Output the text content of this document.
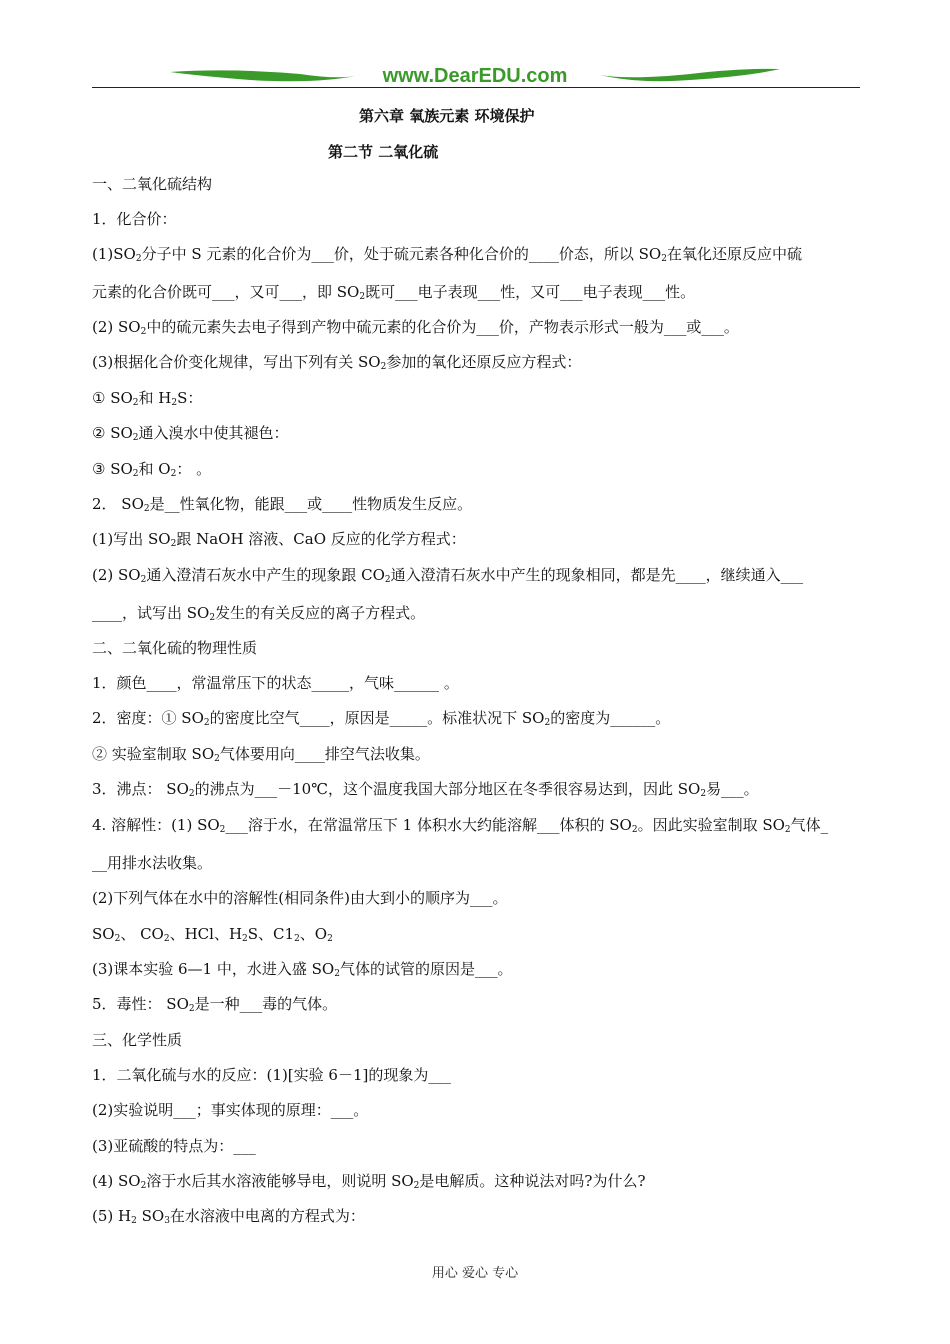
www.DearEDU.com
第六章 氧族元素 环境保护
第二节 二氧化硫
一、二氧化硫结构
1．化合价：
$(1)SO_2$分子中 S 元素的化合价为___价，处于硫元素各种化合价的____价态，所以 $SO_2$在氧化还原反应中硫
元素的化合价既可___，又可___，即 $SO_2$既可___电子表现___性，又可___电子表现___性。
(2) $SO_2$中的硫元素失去电子得到产物中硫元素的化合价为___价，产物表示形式一般为___或___。
(3)根据化合价变化规律，写出下列有关 $SO_2$参加的氧化还原反应方程式：
① $SO_2$和 $H_2S$：
② $SO_2$通入溴水中使其褪色：
③ $SO_2$和 $O_2$： 。
2． $SO_2$是__性氧化物，能跟___或____性物质发生反应。
(1)写出 $SO_2$跟 NaOH 溶液、CaO 反应的化学方程式：
(2) $SO_2$通入澄清石灰水中产生的现象跟 $CO_2$通入澄清石灰水中产生的现象相同，都是先____，继续通入___
____，试写出 $SO_2$发生的有关反应的离子方程式。
二、二氧化硫的物理性质
1．颜色____，常温常压下的状态_____，气味______ 。
2．密度：① $SO_2$的密度比空气____，原因是_____。标准状况下 $SO_2$的密度为______。
② 实验室制取 $SO_2$气体要用向____排空气法收集。
3．沸点： $SO_2$的沸点为___－10℃，这个温度我国大部分地区在冬季很容易达到，因此 $SO_2$易___。
4. 溶解性：(1) $SO_2\_\_\_$溶于水，在常温常压下 1 体积水大约能溶解___体积的 $SO_2$。因此实验室制取 $SO_2$气体_
__用排水法收集。
(2)下列气体在水中的溶解性(相同条件)由大到小的顺序为___。
$SO_2$、 $CO_2$、HCl、$H_2S$、$C1_2$、$O_2$
(3)课本实验 6—1 中，水进入盛 $SO_2$气体的试管的原因是___。
5．毒性： $SO_2$是一种___毒的气体。
三、化学性质
1．二氧化硫与水的反应：(1)[实验 6－1]的现象为___
(2)实验说明___；事实体现的原理：___。
(3)亚硫酸的特点为：___
(4) $SO_2$溶于水后其水溶液能够导电，则说明 $SO_2$是电解质。这种说法对吗?为什么?
(5) $H_2$ $SO_3$在水溶液中电离的方程式为：
用心 爱心 专心
